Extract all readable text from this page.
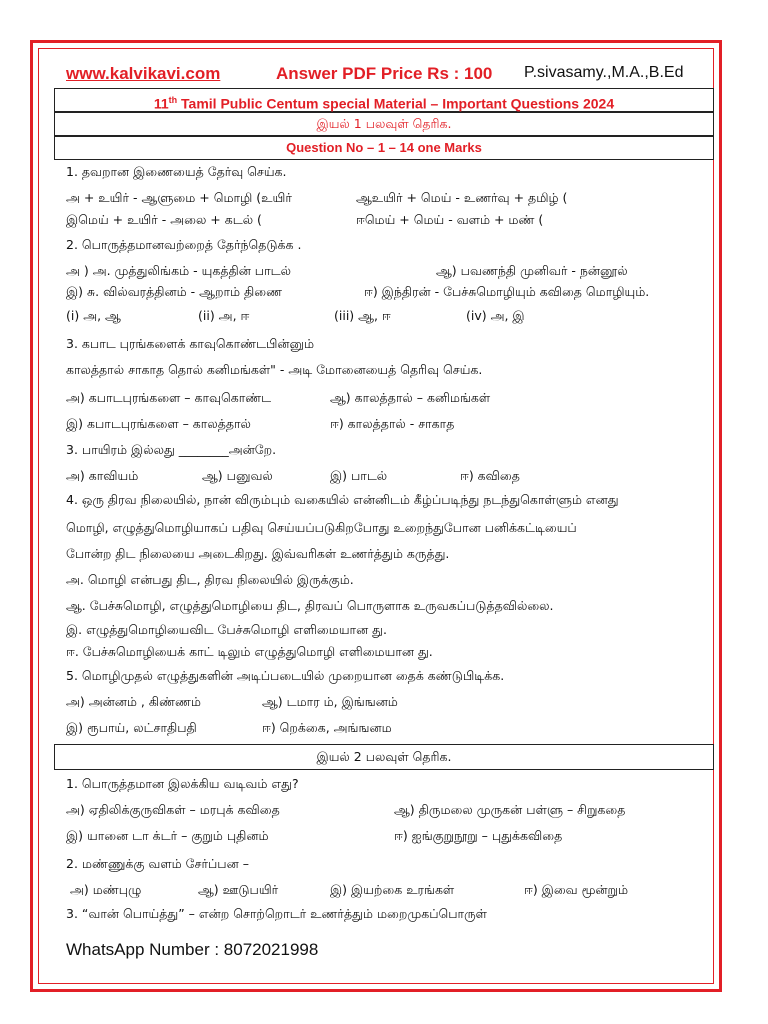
www.kalvikavi.com	Answer PDF Price Rs : 100 P.sivasamy.,M.A.,B.Ed
11th Tamil Public Centum special Material – Important Questions 2024
இயல் 1 பலவுள் தெரிக.
Question No – 1 – 14 one Marks
இயல் 2 பலவுள் தெரிக.
1. தவறான இணையைத் தேர்வு செய்க.
அ + உயிர் - ஆளுமை + மொழி (உயிர்	ஆஉயிர் + மெய் - உணர்வு + தமிழ் (
இமெய் + உயிர் - அலை + கடல் (	ஈமெய் + மெய் - வளம் + மண் (
2. பொருத்தமானவற்றைத் தேர்ந்தெடுக்க .
அ ) அ. முத்துலிங்கம் - யுகத்தின் பாடல்	ஆ) பவணந்தி முனிவர் - நன்னூல்
இ) சு. வில்வரத்தினம் - ஆறாம் திணை	ஈ) இந்திரன் - பேச்சுமொழியும் கவிதை மொழியும்.
(i) அ, ஆ	(ii) அ, ஈ	(iii) ஆ, ஈ	(iv) அ, இ
3. கபாட புரங்களைக் காவுகொண்டபின்னும்
காலத்தால் சாகாத தொல் கனிமங்கள்" - அடி மோனையைத் தெரிவு செய்க.
அ) கபாடபுரங்களை – காவுகொண்ட	ஆ) காலத்தால் – கனிமங்கள்
இ) கபாடபுரங்களை – காலத்தால்	ஈ) காலத்தால் - சாகாத
3. பாயிரம் இல்லது ________அன்றே.
அ) காவியம்	ஆ) பனுவல்	இ) பாடல்	ஈ) கவிதை
4. ஒரு திரவ நிலையில், நான் விரும்பும் வகையில் என்னிடம் கீழ்ப்படிந்து நடந்துகொள்ளும் எனது
மொழி, எழுத்துமொழியாகப் பதிவு செய்யப்படுகிறபோது உறைந்துபோன பனிக்கட்டியைப்
போன்ற திட நிலையை அடைகிறது. இவ்வரிகள் உணர்த்தும் கருத்து.
அ. மொழி என்பது திட, திரவ நிலையில் இருக்கும்.
ஆ. பேச்சுமொழி, எழுத்துமொழியை திட, திரவப் பொருளாக உருவகப்படுத்தவில்லை.
இ. எழுத்துமொழியைவிட பேச்சுமொழி எளிமையான து.
ஈ. பேச்சுமொழியைக் காட் டிலும் எழுத்துமொழி எளிமையான து.
5. மொழிமுதல் எழுத்துகளின் அடிப்படையில் முறையான தைக் கண்டுபிடிக்க.
அ) அன்னம் , கிண்ணம்	ஆ) டமார ம், இங்ஙனம்
இ) ரூபாய், லட்சாதிபதி	ஈ) றெக்கை, அங்ஙனம
1. பொருத்தமான இலக்கிய வடிவம் எது?
அ) ஏதிலிக்குருவிகள் – மரபுக் கவிதை	ஆ) திருமலை முருகன் பள்ளு – சிறுகதை
இ) யானை டா க்டர் – குறும் புதினம்	ஈ) ஐங்குறுநூறு – புதுக்கவிதை
2. மண்ணுக்கு வளம் சேர்ப்பன –
அ) மண்புழு	ஆ) ஊடுபயிர்	இ) இயற்கை உரங்கள்	ஈ) இவை மூன்றும்
3. “வான் பொய்த்து” – என்ற சொற்றொடர் உணர்த்தும் மறைமுகப்பொருள்
WhatsApp Number : 8072021998
